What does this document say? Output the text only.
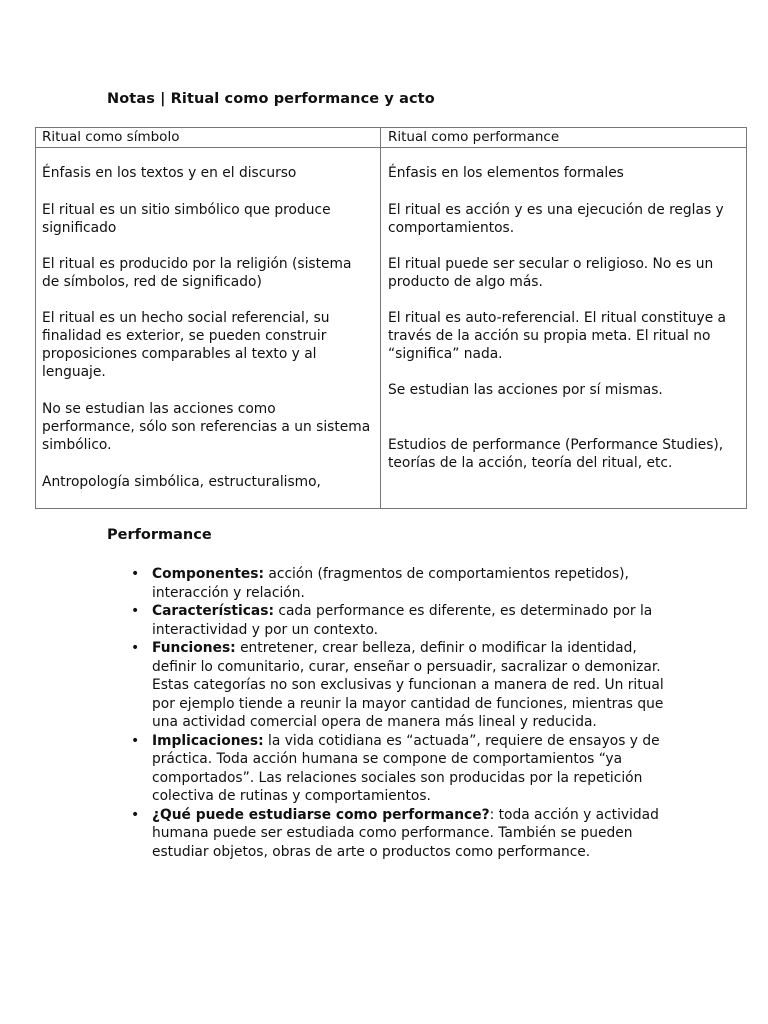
Notas | Ritual como performance y acto
Ritual como símbolo	Ritual como performance
Énfasis en los textos y en el discurso
El ritual es un sitio simbólico que produce significado
El ritual es producido por la religión (sistema de símbolos, red de significado)
El ritual es un hecho social referencial, su finalidad es exterior, se pueden construir proposiciones comparables al texto y al lenguaje.
No se estudian las acciones como performance, sólo son referencias a un sistema simbólico.
Antropología simbólica, estructuralismo,
Énfasis en los elementos formales
El ritual es acción y es una ejecución de reglas y comportamientos.
El ritual puede ser secular o religioso. No es un producto de algo más.
El ritual es auto-referencial. El ritual constituye a través de la acción su propia meta. El ritual no “significa” nada.
Se estudian las acciones por sí mismas.
Estudios de performance (Performance Studies), teorías de la acción, teoría del ritual, etc.
Performance
• Componentes: acción (fragmentos de comportamientos repetidos), interacción y relación.
• Características: cada performance es diferente, es determinado por la interactividad y por un contexto.
• Funciones: entretener, crear belleza, definir o modificar la identidad, definir lo comunitario, curar, enseñar o persuadir, sacralizar o demonizar. Estas categorías no son exclusivas y funcionan a manera de red. Un ritual por ejemplo tiende a reunir la mayor cantidad de funciones, mientras que una actividad comercial opera de manera más lineal y reducida.
• Implicaciones: la vida cotidiana es “actuada”, requiere de ensayos y de práctica. Toda acción humana se compone de comportamientos “ya comportados”. Las relaciones sociales son producidas por la repetición colectiva de rutinas y comportamientos.
• ¿Qué puede estudiarse como performance?: toda acción y actividad humana puede ser estudiada como performance. También se pueden estudiar objetos, obras de arte o productos como performance.
